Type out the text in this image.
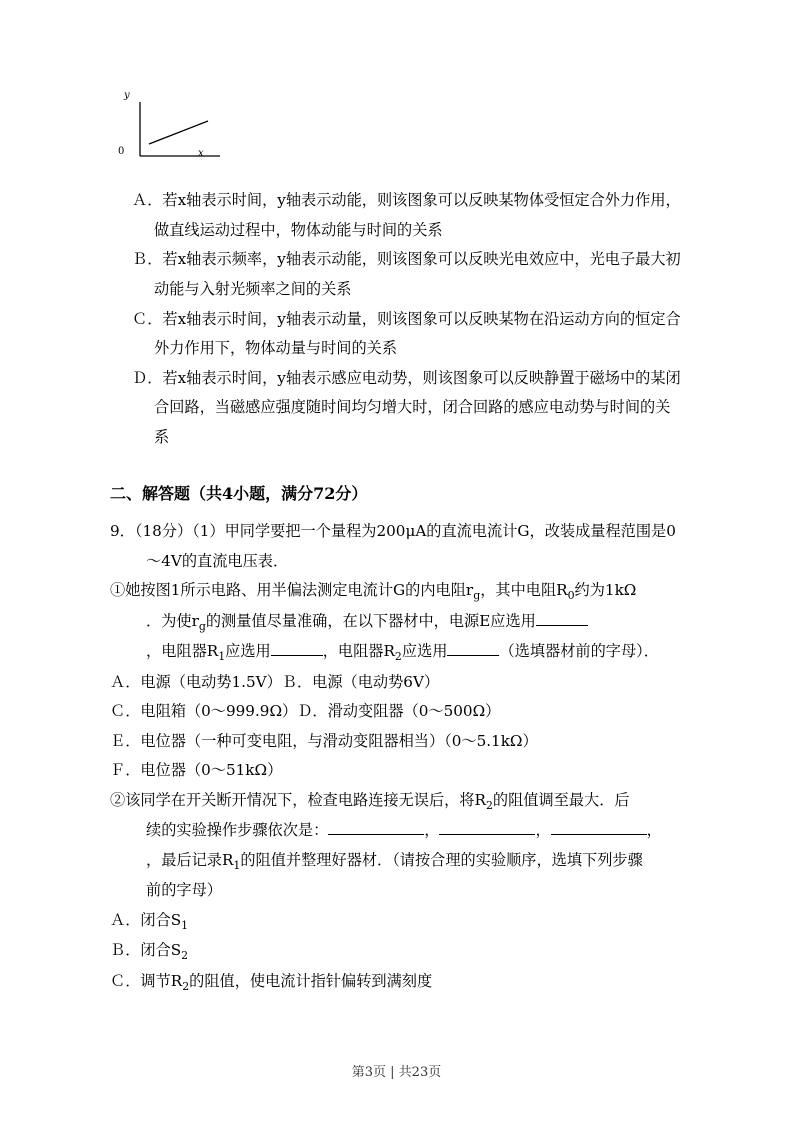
y
x
0

Ａ．若x轴表示时间，y轴表示动能，则该图象可以反映某物体受恒定合外力作用，做直线运动过程中，物体动能与时间的关系

Ｂ．若x轴表示频率，y轴表示动能，则该图象可以反映光电效应中，光电子最大初动能与入射光频率之间的关系

Ｃ．若x轴表示时间，y轴表示动量，则该图象可以反映某物在沿运动方向的恒定合外力作用下，物体动量与时间的关系

Ｄ．若x轴表示时间，y轴表示感应电动势，则该图象可以反映静置于磁场中的某闭合回路，当磁感应强度随时间均匀增大时，闭合回路的感应电动势与时间的关系

二、解答题（共4小题，满分72分）

9．（18分）（1）甲同学要把一个量程为200μA的直流电流计G，改装成量程范围是0～4V的直流电压表．

①她按图1所示电路、用半偏法测定电流计G的内电阻$r_g$，其中电阻$R_0$约为1kΩ

．为使$r_g$的测量值尽量准确，在以下器材中，电源E应选用

，电阻器$R_1$应选用	，电阻器$R_2$应选用	（选填器材前的字母）．

Ａ．电源（电动势1.5V）Ｂ．电源（电动势6V）

Ｃ．电阻箱（0～999.9Ω）Ｄ．滑动变阻器（0～500Ω）

Ｅ．电位器（一种可变电阻，与滑动变阻器相当）（0～5.1kΩ）

Ｆ．电位器（0～51kΩ）

②该同学在开关断开情况下，检查电路连接无误后，将$R_2$的阻值调至最大．后

续的实验操作步骤依次是：	，	，	，

，最后记录$R_1$的阻值并整理好器材．（请按合理的实验顺序，选填下列步骤

前的字母）

Ａ．闭合$S_1$

Ｂ．闭合$S_2$

Ｃ．调节$R_2$的阻值，使电流计指针偏转到满刻度

第3页 | 共23页
